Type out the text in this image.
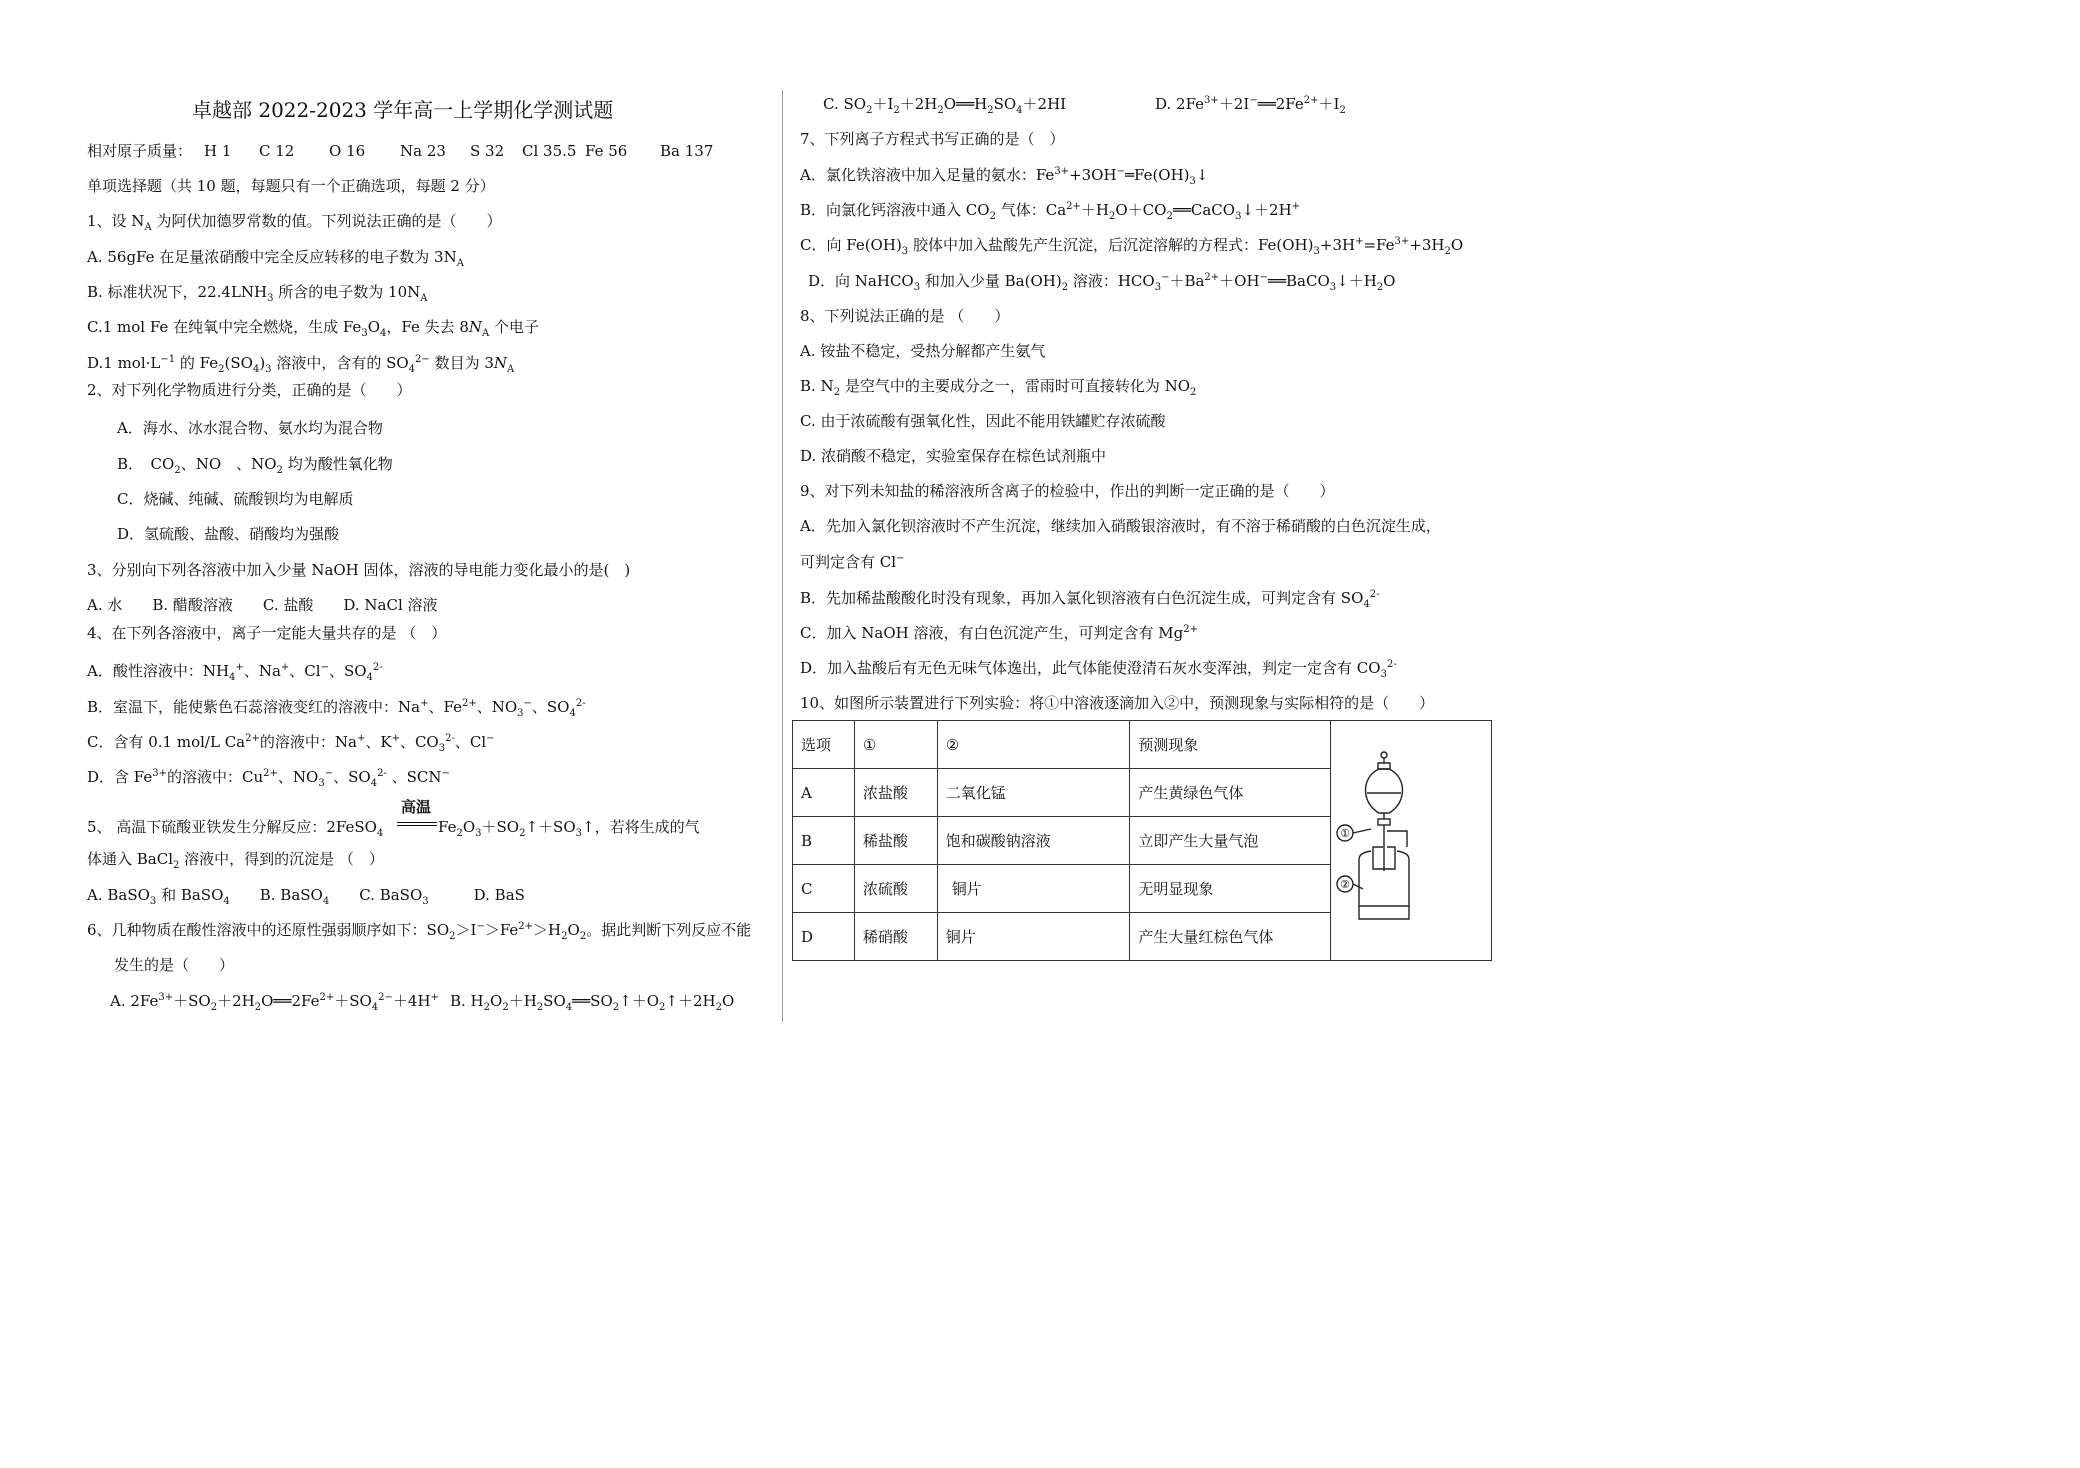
卓越部 2022-2023 学年高一上学期化学测试题
相对原子质量： H 1 C 12 O 16 Na 23 S 32 Cl 35.5 Fe 56 Ba 137
单项选择题（共 10 题，每题只有一个正确选项，每题 2 分）
1、设 $N_A$ 为阿伏加德罗常数的值。下列说法正确的是（　　）
A. 56gFe 在足量浓硝酸中完全反应转移的电子数为 $3N_A$
B. 标准状况下，$22.4LNH_3$ 所含的电子数为 $10N_A$
C.1 mol Fe 在纯氧中完全燃烧，生成 $Fe_3O_4$，Fe 失去 $8N_A$ 个电子
D.1 $mol\cdot L^{-1}$ 的 $Fe_2(SO_4)_3$ 溶液中，含有的 $SO_4^{2-}$ 数目为 $3N_A$
2、对下列化学物质进行分类，正确的是（　　）
A．海水、冰水混合物、氨水均为混合物
B．　$CO_2$、NO　、$NO_2$ 均为酸性氧化物
C．烧碱、纯碱、硫酸钡均为电解质
D．氢硫酸、盐酸、硝酸均为强酸
3、分别向下列各溶液中加入少量 NaOH 固体，溶液的导电能力变化最小的是(　)
A. 水　　B. 醋酸溶液　　C. 盐酸　　D. NaCl 溶液
4、在下列各溶液中，离子一定能大量共存的是 （　）
A．酸性溶液中：$NH_4^+$、Na+、Cl−、$SO_4^{2-}$
B．室温下，能使紫色石蕊溶液变红的溶液中：Na+、$Fe^{2+}$、$NO_3^-$、$SO_4^{2-}$
C．含有 0.1 mol/L $Ca^{2+}$的溶液中：Na+、K+、$CO_3^{2-}$、Cl−
D．含 $Fe^{3+}$的溶液中：$Cu^{2+}$、$NO_3^-$、$SO_4^{2-}$ 、SCN−
高温
5、 高温下硫酸亚铁发生分解反应：2FeSO$_4$	$Fe_2O_3+SO_2↑+SO_3↑$，若将生成的气
体通入 BaCl$_2$ 溶液中，得到的沉淀是 （　）
A. BaSO$_3$ 和 BaSO$_4$　　B. BaSO$_4$　　C. BaSO$_3$　　　D. BaS
6、几种物质在酸性溶液中的还原性强弱顺序如下：$SO_2>I^->Fe^{2+}>H_2O_2$。据此判断下列反应不能
发生的是（　　）
A. $2Fe^{3+}+SO_2+2H_2O══2Fe^{2+}+SO_4^{2-}+4H^+$ B. $H_2O_2+H_2SO_4══SO_2↑+O_2↑+2H_2O$
C. $SO_2+I_2+2H_2O══H_2SO_4+2HI$	D. $2Fe^{3+}+2I^-══2Fe^{2+}+I_2$
7、下列离子方程式书写正确的是（　）
A．氯化铁溶液中加入足量的氨水：$Fe^{3+}+3OH^-═Fe(OH)_3↓$
B．向氯化钙溶液中通入 $CO_2$ 气体：$Ca^{2+}+H_2O+CO_2══CaCO_3↓+2H^+$
C．向 $Fe(OH)_3$ 胶体中加入盐酸先产生沉淀，后沉淀溶解的方程式：$Fe(OH)_3+3H^+=Fe^{3+}+3H_2O$
D．向 NaHCO$_3$ 和加入少量 $Ba(OH)_2$ 溶液：$HCO_3^-+Ba^{2+}+OH^-══BaCO_3↓+H_2O$
8、下列说法正确的是 （　　）
A. 铵盐不稳定，受热分解都产生氨气
B. $N_2$ 是空气中的主要成分之一，雷雨时可直接转化为 $NO_2$
C. 由于浓硫酸有强氧化性，因此不能用铁罐贮存浓硫酸
D. 浓硝酸不稳定，实验室保存在棕色试剂瓶中
9、对下列未知盐的稀溶液所含离子的检验中，作出的判断一定正确的是（　　）
A．先加入氯化钡溶液时不产生沉淀，继续加入硝酸银溶液时，有不溶于稀硝酸的白色沉淀生成，
可判定含有 Cl−
B．先加稀盐酸酸化时没有现象，再加入氯化钡溶液有白色沉淀生成，可判定含有 $SO_4^{2-}$
C．加入 NaOH 溶液，有白色沉淀产生，可判定含有 $Mg^{2+}$
D．加入盐酸后有无色无味气体逸出，此气体能使澄清石灰水变浑浊，判定一定含有 $CO_3^{2-}$
10、如图所示装置进行下列实验：将①中溶液逐滴加入②中，预测现象与实际相符的是（　　）
选项	①	②	预测现象	①
②

A	浓盐酸	二氧化锰	产生黄绿色气体	
B	稀盐酸	饱和碳酸钠溶液	立即产生大量气泡	
C	浓硫酸	铜片	无明显现象	
D	稀硝酸	铜片	产生大量红棕色气体	
